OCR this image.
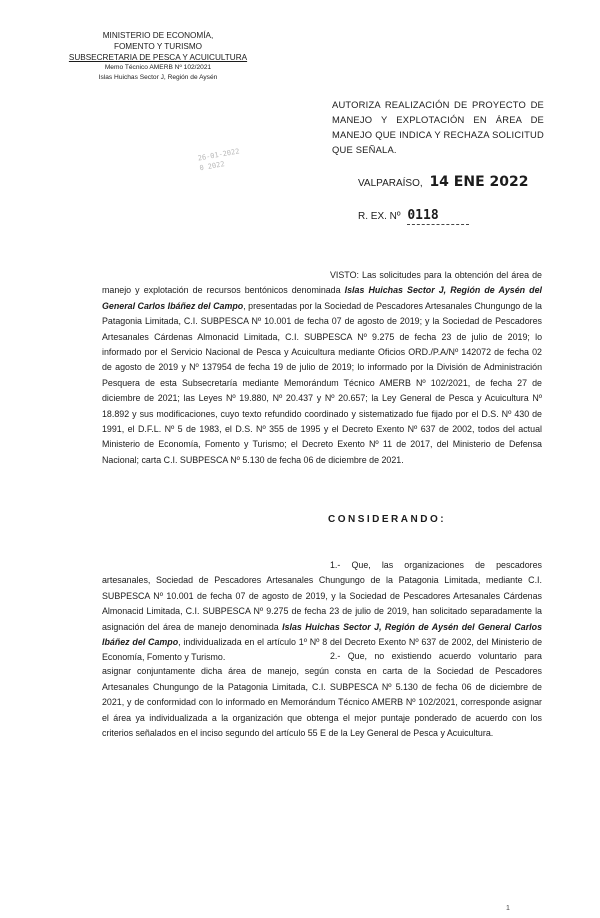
MINISTERIO DE ECONOMÍA,
FOMENTO Y TURISMO
SUBSECRETARIA DE PESCA Y ACUICULTURA
Memo Técnico AMERB Nº 102/2021
Islas Huichas Sector J, Región de Aysén
AUTORIZA REALIZACIÓN DE PROYECTO DE MANEJO Y EXPLOTACIÓN EN ÁREA DE MANEJO QUE INDICA Y RECHAZA SOLICITUD QUE SEÑALA.
26-01-2022
0 2022
VALPARAÍSO, 14 ENE 2022
R. EX. Nº 0118
VISTO: Las solicitudes para la obtención del área de manejo y explotación de recursos bentónicos denominada Islas Huichas Sector J, Región de Aysén del General Carlos Ibáñez del Campo, presentadas por la Sociedad de Pescadores Artesanales Chungungo de la Patagonia Limitada, C.I. SUBPESCA Nº 10.001 de fecha 07 de agosto de 2019; y la Sociedad de Pescadores Artesanales Cárdenas Almonacid Limitada, C.I. SUBPESCA Nº 9.275 de fecha 23 de julio de 2019; lo informado por el Servicio Nacional de Pesca y Acuicultura mediante Oficios ORD./P.A/Nº 142072 de fecha 02 de agosto de 2019 y Nº 137954 de fecha 19 de julio de 2019; lo informado por la División de Administración Pesquera de esta Subsecretaría mediante Memorándum Técnico AMERB Nº 102/2021, de fecha 27 de diciembre de 2021; las Leyes Nº 19.880, Nº 20.437 y Nº 20.657; la Ley General de Pesca y Acuicultura Nº 18.892 y sus modificaciones, cuyo texto refundido coordinado y sistematizado fue fijado por el D.S. Nº 430 de 1991, el D.F.L. Nº 5 de 1983, el D.S. Nº 355 de 1995 y el Decreto Exento Nº 637 de 2002, todos del actual Ministerio de Economía, Fomento y Turismo; el Decreto Exento Nº 11 de 2017, del Ministerio de Defensa Nacional; carta C.I. SUBPESCA Nº 5.130 de fecha 06 de diciembre de 2021.
CONSIDERANDO:
1.- Que, las organizaciones de pescadores artesanales, Sociedad de Pescadores Artesanales Chungungo de la Patagonia Limitada, mediante C.I. SUBPESCA Nº 10.001 de fecha 07 de agosto de 2019, y la Sociedad de Pescadores Artesanales Cárdenas Almonacid Limitada, C.I. SUBPESCA Nº 9.275 de fecha 23 de julio de 2019, han solicitado separadamente la asignación del área de manejo denominada Islas Huichas Sector J, Región de Aysén del General Carlos Ibáñez del Campo, individualizada en el artículo 1º Nº 8 del Decreto Exento Nº 637 de 2002, del Ministerio de Economía, Fomento y Turismo.	2.- Que, no existiendo acuerdo voluntario para asignar conjuntamente dicha área de manejo, según consta en carta de la Sociedad de Pescadores Artesanales Chungungo de la Patagonia Limitada, C.I. SUBPESCA Nº 5.130 de fecha 06 de diciembre de 2021, y de conformidad con lo informado en Memorándum Técnico AMERB Nº 102/2021, corresponde asignar el área ya individualizada a la organización que obtenga el mejor puntaje ponderado de acuerdo con los criterios señalados en el inciso segundo del artículo 55 E de la Ley General de Pesca y Acuicultura.
1
